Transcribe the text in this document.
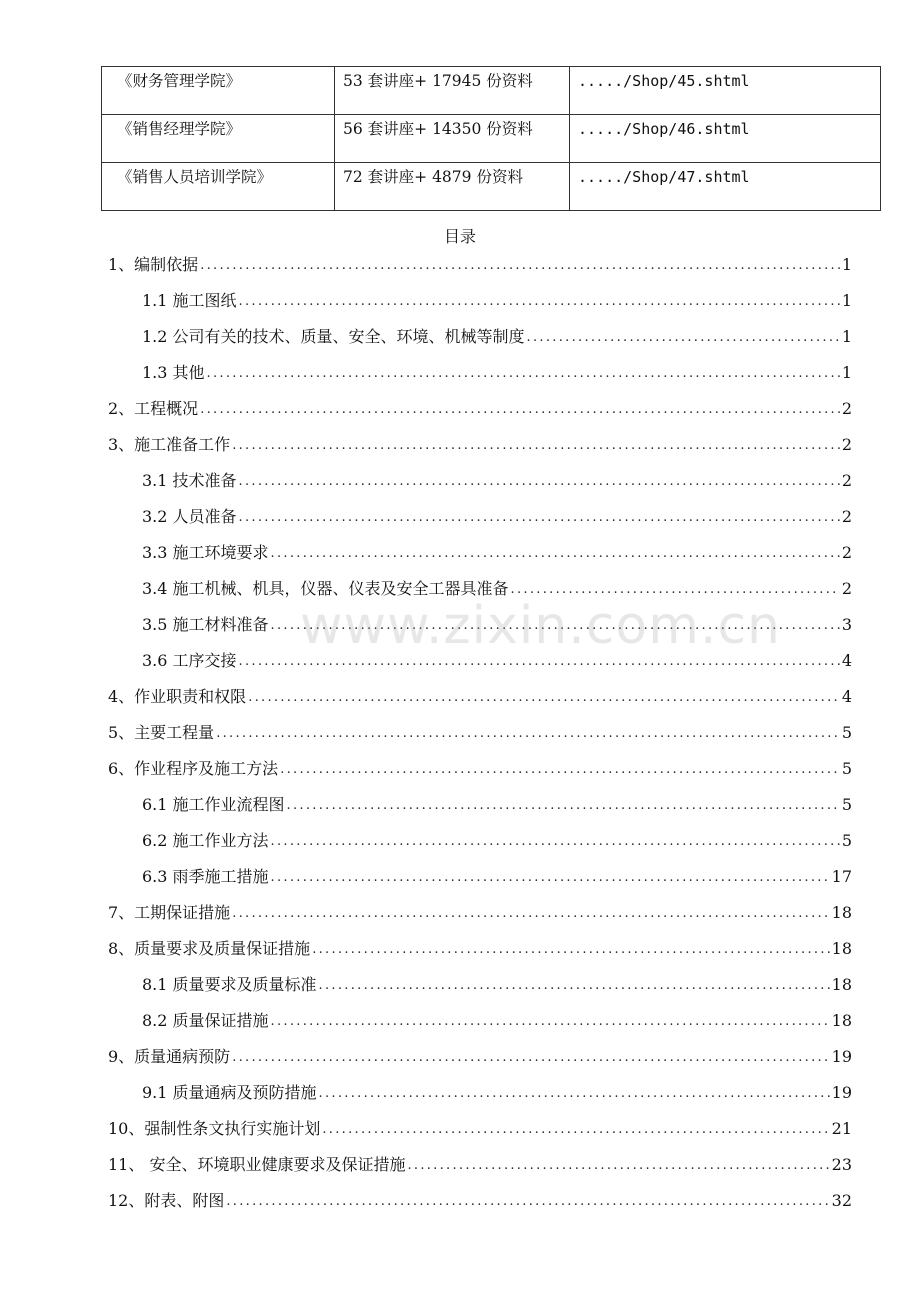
《财务管理学院》	53 套讲座+ 17945 份资料	...../Shop/45.shtml
《销售经理学院》	56 套讲座+ 14350 份资料	...../Shop/46.shtml
《销售人员培训学院》	72 套讲座+ 4879 份资料	...../Shop/47.shtml
目录
1、编制依据 .....	1
1.1 施工图纸 .....	1
1.2 公司有关的技术、质量、安全、环境、机械等制度 .....	1
1.3 其他 .....	1
2、工程概况 .....	2
3、施工准备工作 .....	2
3.1 技术准备 .....	2
3.2 人员准备 .....	2
3.3 施工环境要求 .....	2
3.4 施工机械、机具，仪器、仪表及安全工器具准备 .....	2
3.5 施工材料准备 .....	3
3.6 工序交接 .....	4
4、作业职责和权限 .....	4
5、主要工程量 .....	5
6、作业程序及施工方法 .....	5
6.1 施工作业流程图 .....	5
6.2 施工作业方法 .....	5
6.3 雨季施工措施 .....	17
7、工期保证措施 .....	18
8、质量要求及质量保证措施 .....	18
8.1 质量要求及质量标准 .....	18
8.2 质量保证措施 .....	18
9、质量通病预防 .....	19
9.1 质量通病及预防措施 .....	19
10、强制性条文执行实施计划 .....	21
11、 安全、环境职业健康要求及保证措施 .....	23
12、附表、附图 .....	32
www.zixin.com.cn
